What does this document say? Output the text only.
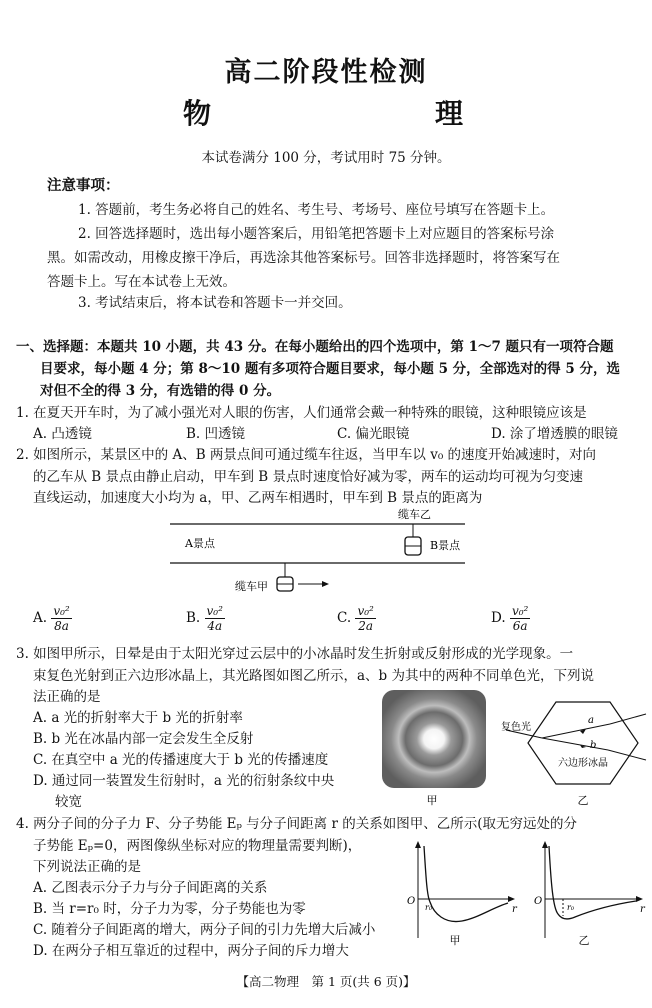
高二阶段性检测
物　　理
本试卷满分 100 分，考试用时 75 分钟。
注意事项：
1. 答题前，考生务必将自己的姓名、考生号、考场号、座位号填写在答题卡上。
2. 回答选择题时，选出每小题答案后，用铅笔把答题卡上对应题目的答案标号涂
黑。如需改动，用橡皮擦干净后，再选涂其他答案标号。回答非选择题时，将答案写在
答题卡上。写在本试卷上无效。
3. 考试结束后，将本试卷和答题卡一并交回。
一、选择题：本题共 10 小题，共 43 分。在每小题给出的四个选项中，第 1～7 题只有一项符合题
目要求，每小题 4 分；第 8～10 题有多项符合题目要求，每小题 5 分，全部选对的得 5 分，选
对但不全的得 3 分，有选错的得 0 分。
1. 在夏天开车时，为了减小强光对人眼的伤害，人们通常会戴一种特殊的眼镜，这种眼镜应该是
A. 凸透镜	B. 凹透镜	C. 偏光眼镜	D. 涂了增透膜的眼镜
2. 如图所示，某景区中的 A、B 两景点间可通过缆车往返，当甲车以 v₀ 的速度开始减速时，对向
的乙车从 B 景点由静止启动，甲车到 B 景点时速度恰好减为零，两车的运动均可视为匀变速
直线运动，加速度大小均为 a，甲、乙两车相遇时，甲车到 B 景点的距离为
缆车乙
B景点
A景点
缆车甲
A. $\frac{\text{v₀²}}{8a}$	B. $\frac{\text{v₀²}}{4a}$	C. $\frac{\text{v₀²}}{2a}$	D. $\frac{\text{v₀²}}{6a}$
3. 如图甲所示，日晕是由于太阳光穿过云层中的小冰晶时发生折射或反射形成的光学现象。一
束复色光射到正六边形冰晶上，其光路图如图乙所示，a、b 为其中的两种不同单色光，下列说
法正确的是
A. a 光的折射率大于 b 光的折射率
B. b 光在冰晶内部一定会发生全反射
C. 在真空中 a 光的传播速度大于 b 光的传播速度
D. 通过同一装置发生衍射时，a 光的衍射条纹中央
较宽	甲
复色光
a
b
六边形冰晶
乙
4. 两分子间的分子力 F、分子势能 Eₚ 与分子间距离 r 的关系如图甲、乙所示(取无穷远处的分
子势能 Eₚ=0，两图像纵坐标对应的物理量需要判断)，
下列说法正确的是
A. 乙图表示分子力与分子间距离的关系
B. 当 r=r₀ 时，分子力为零，分子势能也为零
C. 随着分子间距离的增大，两分子间的引力先增大后减小
D. 在两分子相互靠近的过程中，两分子间的斥力增大
O
r
r₀
甲
O
r
r₀
乙
【高二物理　第 1 页(共 6 页)】
